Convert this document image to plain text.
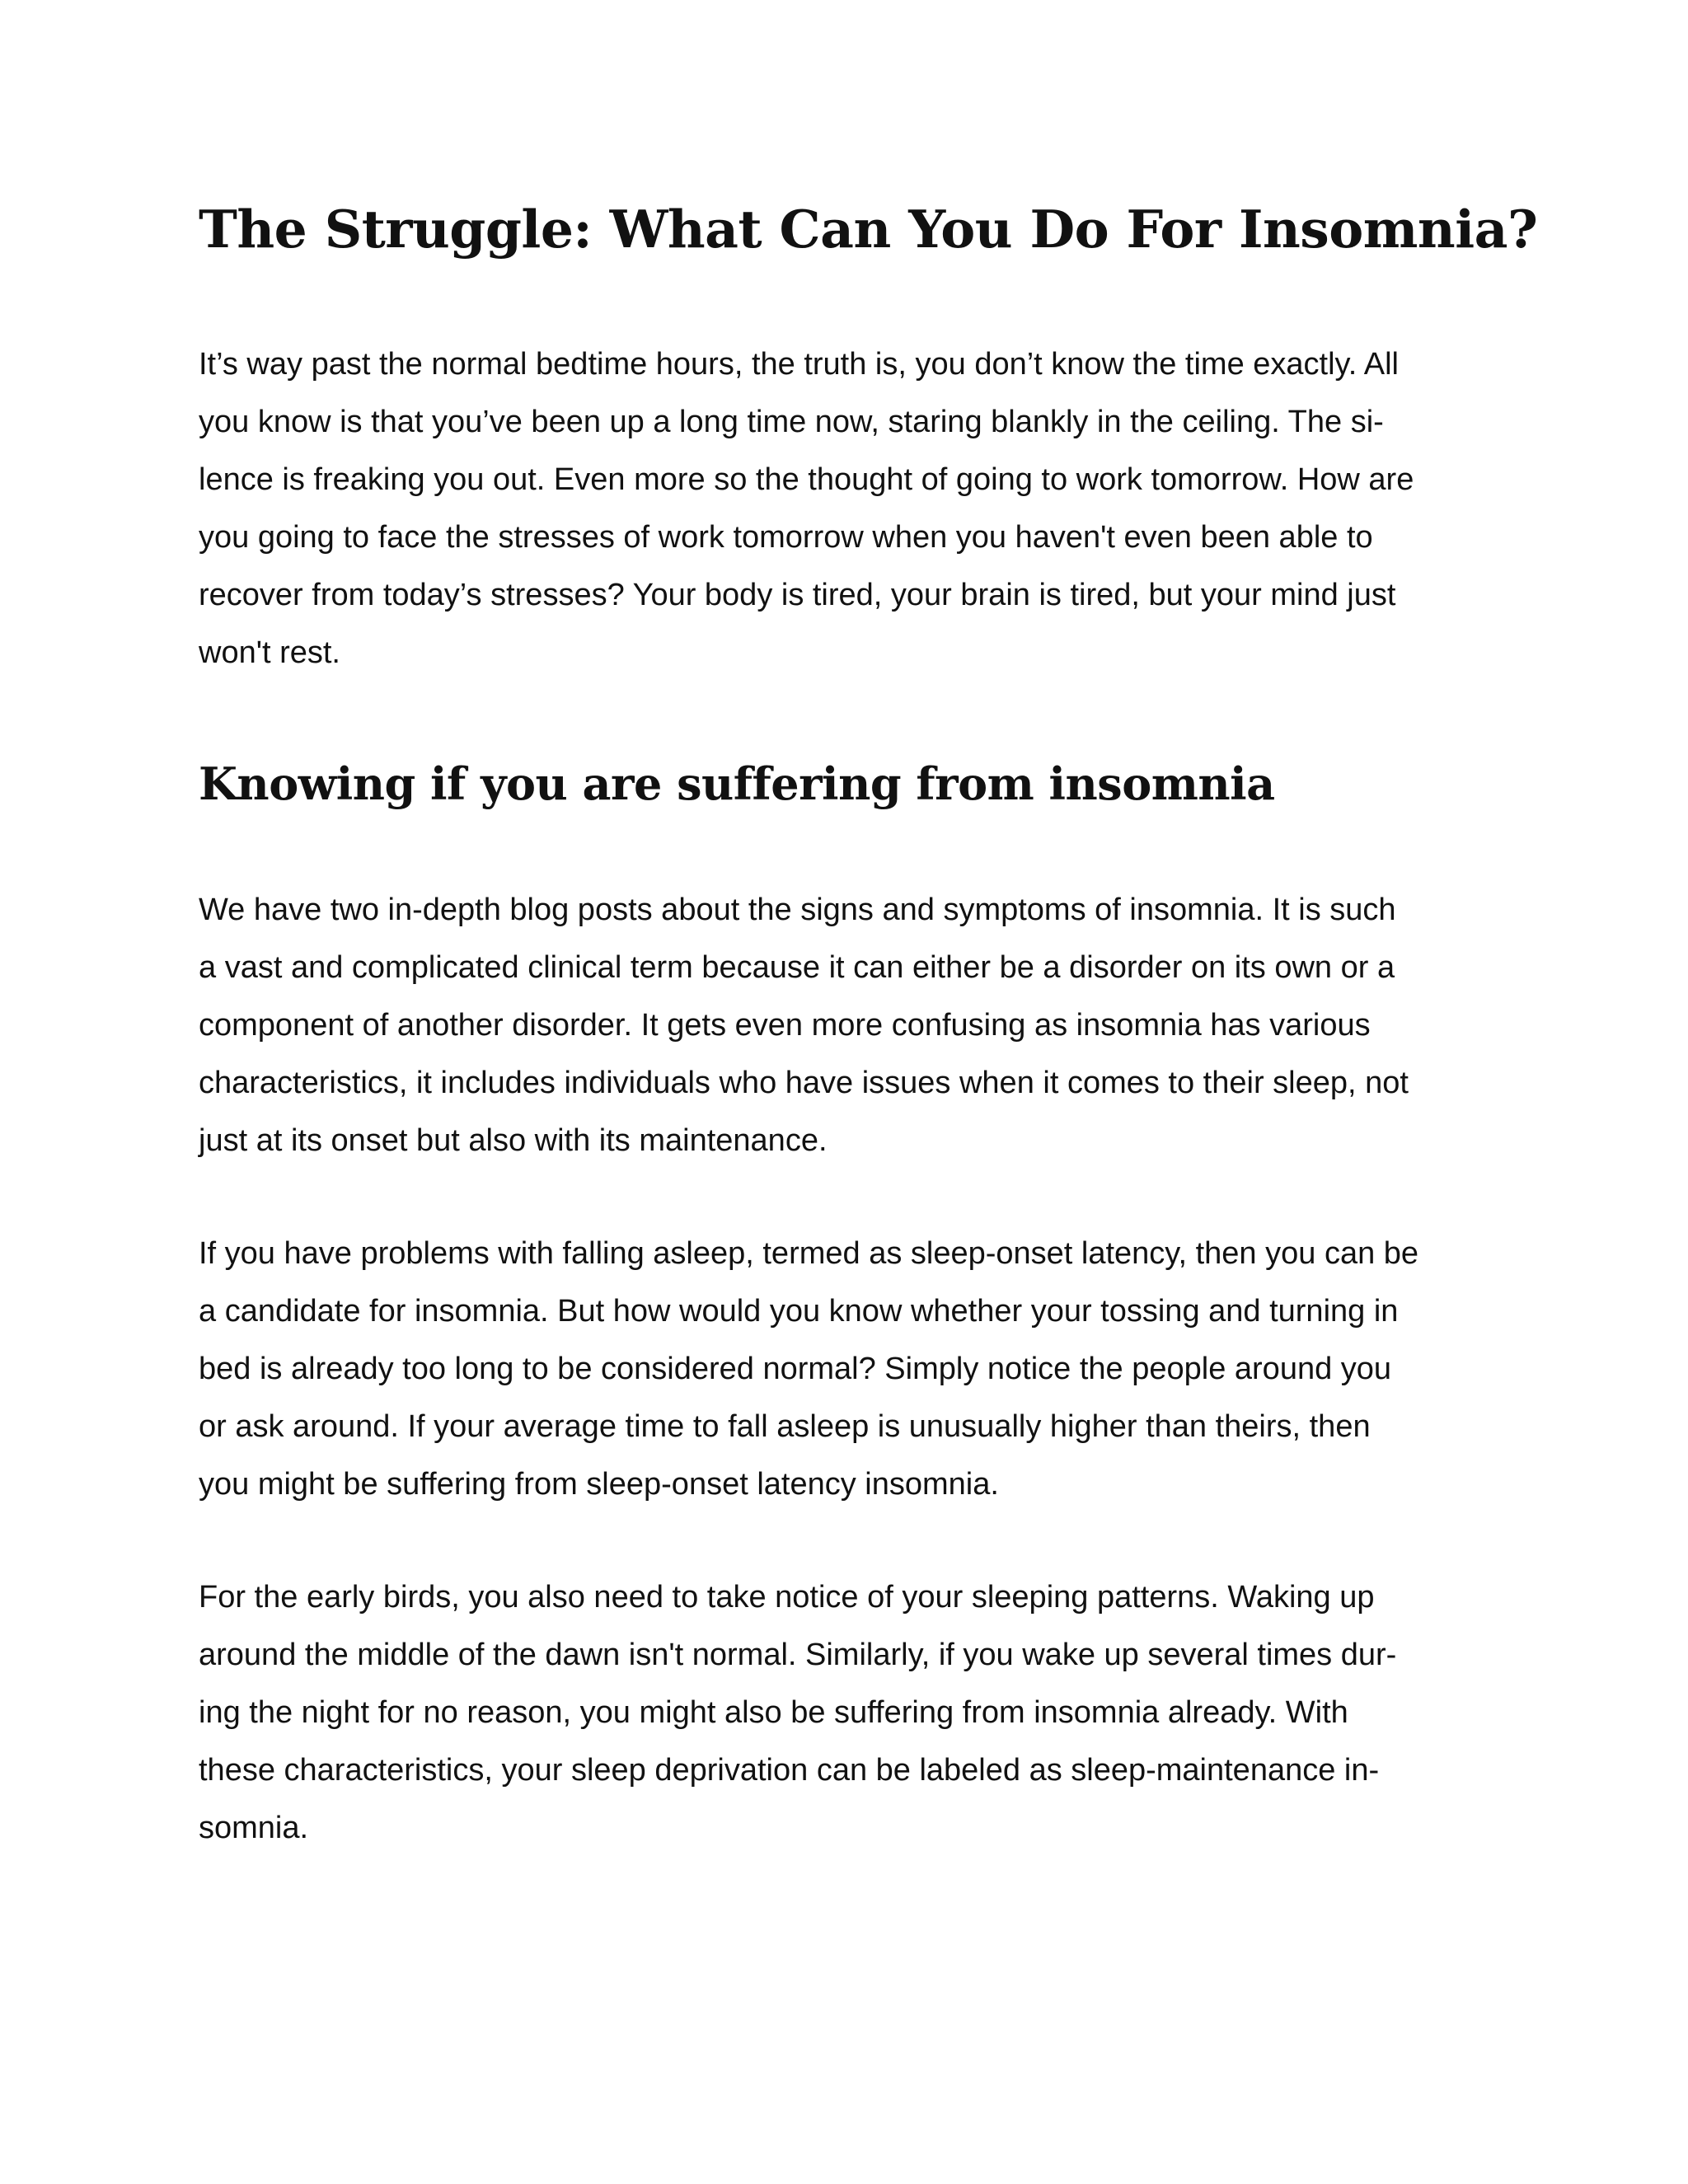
The Struggle: What Can You Do For Insomnia?

It’s way past the normal bedtime hours, the truth is, you don’t know the time exactly. All
you know is that you’ve been up a long time now, staring blankly in the ceiling. The si-
lence is freaking you out. Even more so the thought of going to work tomorrow. How are
you going to face the stresses of work tomorrow when you haven't even been able to
recover from today’s stresses? Your body is tired, your brain is tired, but your mind just
won't rest.

Knowing if you are suffering from insomnia

We have two in-depth blog posts about the signs and symptoms of insomnia. It is such
a vast and complicated clinical term because it can either be a disorder on its own or a
component of another disorder. It gets even more confusing as insomnia has various
characteristics, it includes individuals who have issues when it comes to their sleep, not
just at its onset but also with its maintenance.

If you have problems with falling asleep, termed as sleep-onset latency, then you can be
a candidate for insomnia. But how would you know whether your tossing and turning in
bed is already too long to be considered normal? Simply notice the people around you
or ask around. If your average time to fall asleep is unusually higher than theirs, then
you might be suffering from sleep-onset latency insomnia.

For the early birds, you also need to take notice of your sleeping patterns. Waking up
around the middle of the dawn isn't normal. Similarly, if you wake up several times dur-
ing the night for no reason, you might also be suffering from insomnia already. With
these characteristics, your sleep deprivation can be labeled as sleep-maintenance in-
somnia.
